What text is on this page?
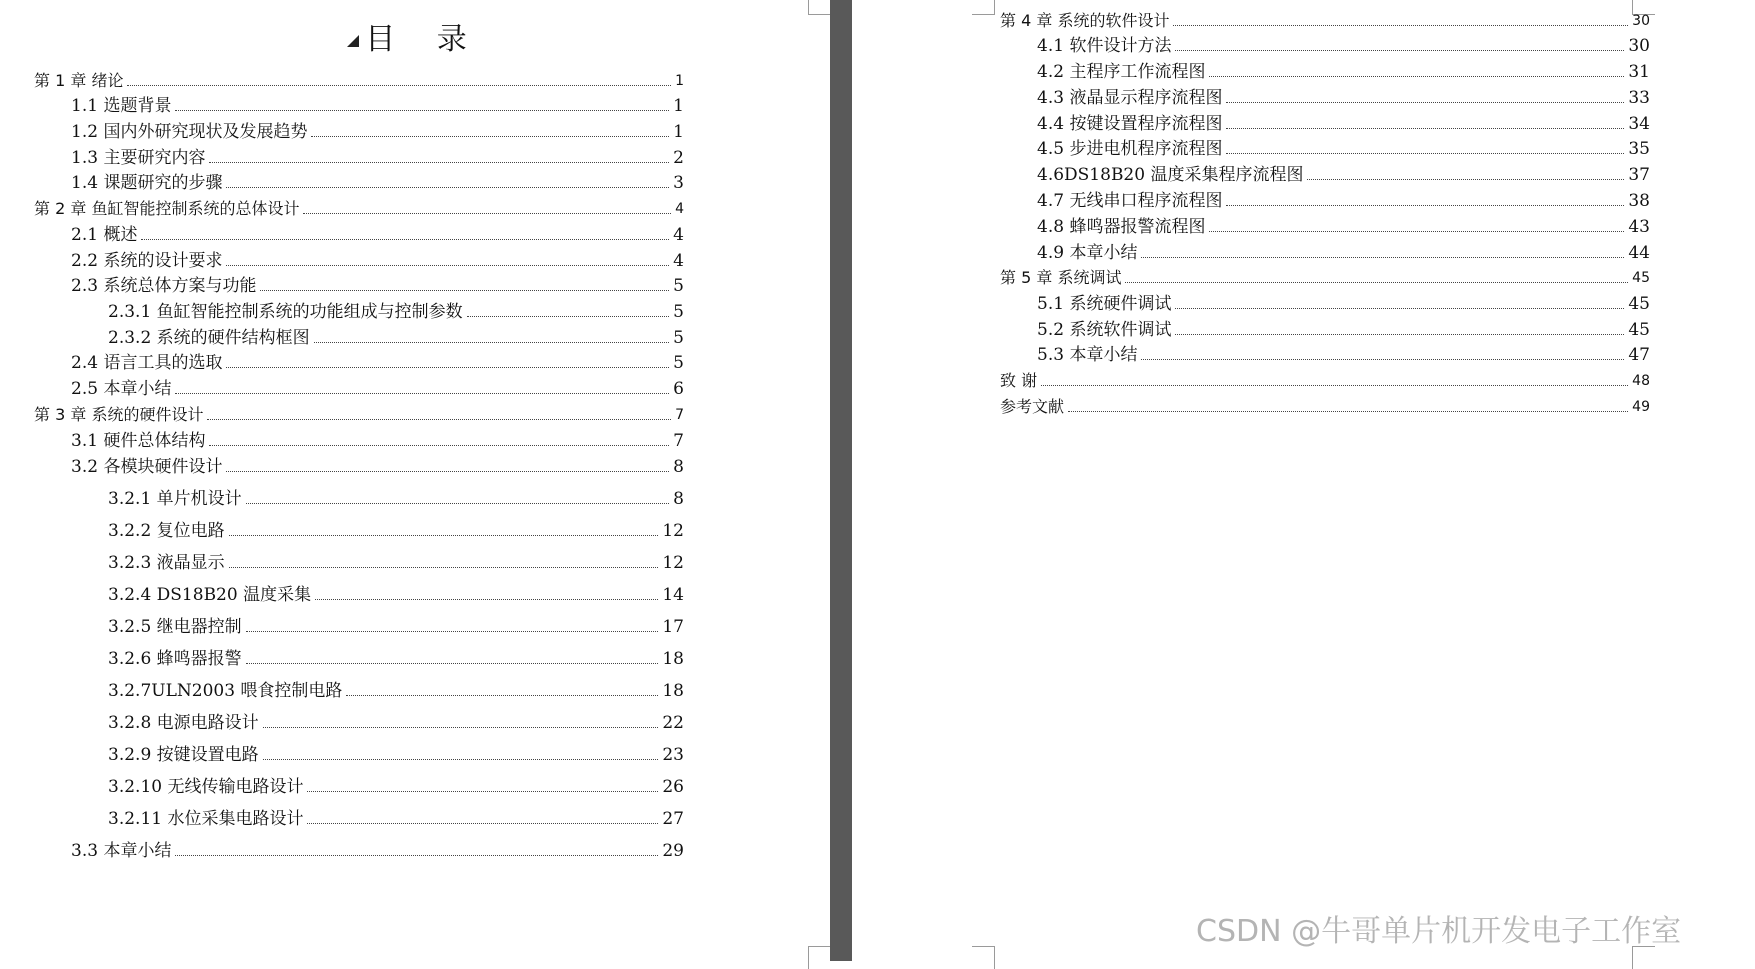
目 录
第 1 章 绪论	1
1.1 选题背景	1
1.2 国内外研究现状及发展趋势	1
1.3 主要研究内容	2
1.4 课题研究的步骤	3
第 2 章 鱼缸智能控制系统的总体设计	4
2.1 概述	4
2.2 系统的设计要求	4
2.3 系统总体方案与功能	5
2.3.1 鱼缸智能控制系统的功能组成与控制参数	5
2.3.2 系统的硬件结构框图	5
2.4 语言工具的选取	5
2.5 本章小结	6
第 3 章 系统的硬件设计	7
3.1 硬件总体结构	7
3.2 各模块硬件设计	8
3.2.1 单片机设计	8
3.2.2 复位电路	12
3.2.3 液晶显示	12
3.2.4 DS18B20 温度采集	14
3.2.5 继电器控制	17
3.2.6 蜂鸣器报警	18
3.2.7ULN2003 喂食控制电路	18
3.2.8 电源电路设计	22
3.2.9 按键设置电路	23
3.2.10 无线传输电路设计	26
3.2.11 水位采集电路设计	27
3.3 本章小结	29
第 4 章 系统的软件设计	30
4.1 软件设计方法	30
4.2 主程序工作流程图	31
4.3 液晶显示程序流程图	33
4.4 按键设置程序流程图	34
4.5 步进电机程序流程图	35
4.6DS18B20 温度采集程序流程图	37
4.7 无线串口程序流程图	38
4.8 蜂鸣器报警流程图	43
4.9 本章小结	44
第 5 章 系统调试	45
5.1 系统硬件调试	45
5.2 系统软件调试	45
5.3 本章小结	47
致 谢	48
参考文献	49
CSDN @牛哥单片机开发电子工作室
